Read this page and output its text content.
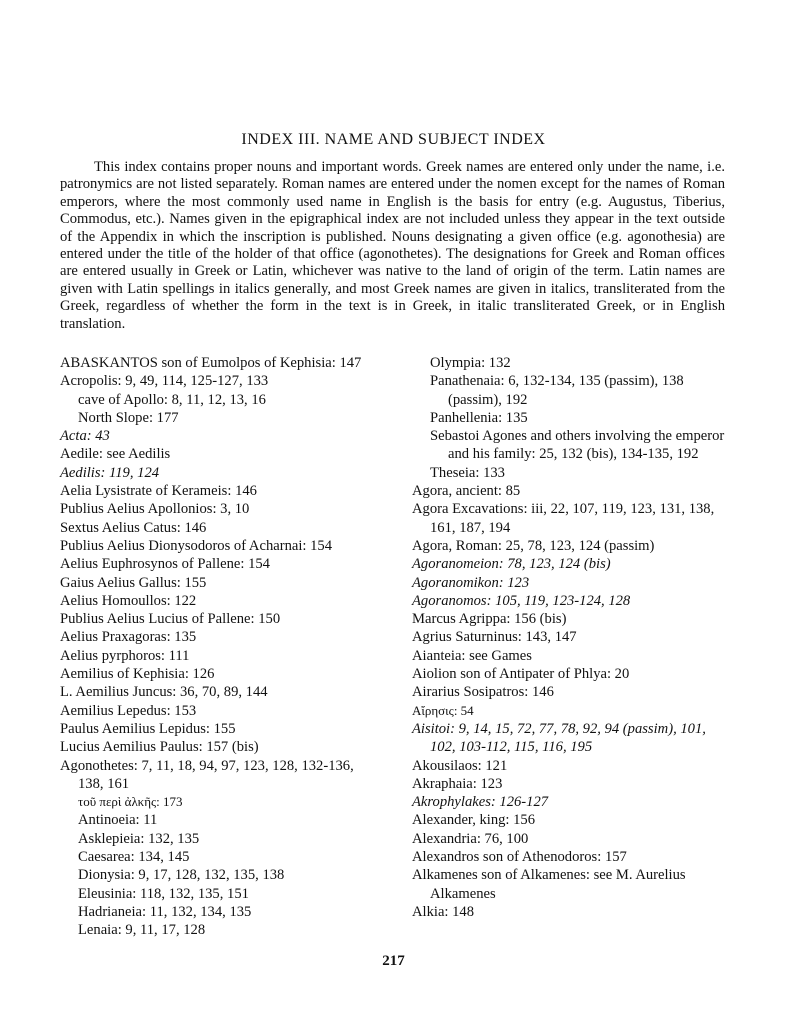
INDEX III. NAME AND SUBJECT INDEX

This index contains proper nouns and important words. Greek names are entered only under the name, i.e. patronymics are not listed separately. Roman names are entered under the nomen except for the names of Roman emperors, where the most commonly used name in English is the basis for entry (e.g. Augustus, Tiberius, Commodus, etc.). Names given in the epigraphical index are not included unless they appear in the text outside of the Appendix in which the inscription is published. Nouns designating a given office (e.g. agonothesia) are entered under the title of the holder of that office (agonothetes). The designations for Greek and Roman offices are entered usually in Greek or Latin, whichever was native to the land of origin of the term. Latin names are given with Latin spellings in italics generally, and most Greek names are given in italics, transliterated from the Greek, regardless of whether the form in the text is in Greek, in italic transliterated Greek, or in English translation.

ABASKANTOS son of Eumolpos of Kephisia: 147
Acropolis: 9, 49, 114, 125-127, 133
cave of Apollo: 8, 11, 12, 13, 16
North Slope: 177
Acta: 43
Aedile: see Aedilis
Aedilis: 119, 124
Aelia Lysistrate of Kerameis: 146
Publius Aelius Apollonios: 3, 10
Sextus Aelius Catus: 146
Publius Aelius Dionysodoros of Acharnai: 154
Aelius Euphrosynos of Pallene: 154
Gaius Aelius Gallus: 155
Aelius Homoullos: 122
Publius Aelius Lucius of Pallene: 150
Aelius Praxagoras: 135
Aelius pyrphoros: 111
Aemilius of Kephisia: 126
L. Aemilius Juncus: 36, 70, 89, 144
Aemilius Lepedus: 153
Paulus Aemilius Lepidus: 155
Lucius Aemilius Paulus: 157 (bis)
Agonothetes: 7, 11, 18, 94, 97, 123, 128, 132-136, 138, 161
τοῦ περὶ ἀλκῆς: 173
Antinoeia: 11
Asklepieia: 132, 135
Caesarea: 134, 145
Dionysia: 9, 17, 128, 132, 135, 138
Eleusinia: 118, 132, 135, 151
Hadrianeia: 11, 132, 134, 135
Lenaia: 9, 11, 17, 128
Olympia: 132
Panathenaia: 6, 132-134, 135 (passim), 138 (passim), 192
Panhellenia: 135
Sebastoi Agones and others involving the emperor and his family: 25, 132 (bis), 134-135, 192
Theseia: 133
Agora, ancient: 85
Agora Excavations: iii, 22, 107, 119, 123, 131, 138, 161, 187, 194
Agora, Roman: 25, 78, 123, 124 (passim)
Agoranomeion: 78, 123, 124 (bis)
Agoranomikon: 123
Agoranomos: 105, 119, 123-124, 128
Marcus Agrippa: 156 (bis)
Agrius Saturninus: 143, 147
Aianteia: see Games
Aiolion son of Antipater of Phlya: 20
Airarius Sosipatros: 146
Αἴρησις: 54
Aisitoi: 9, 14, 15, 72, 77, 78, 92, 94 (passim), 101, 102, 103-112, 115, 116, 195
Akousilaos: 121
Akraphaia: 123
Akrophylakes: 126-127
Alexander, king: 156
Alexandria: 76, 100
Alexandros son of Athenodoros: 157
Alkamenes son of Alkamenes: see M. Aurelius Alkamenes
Alkia: 148
217
